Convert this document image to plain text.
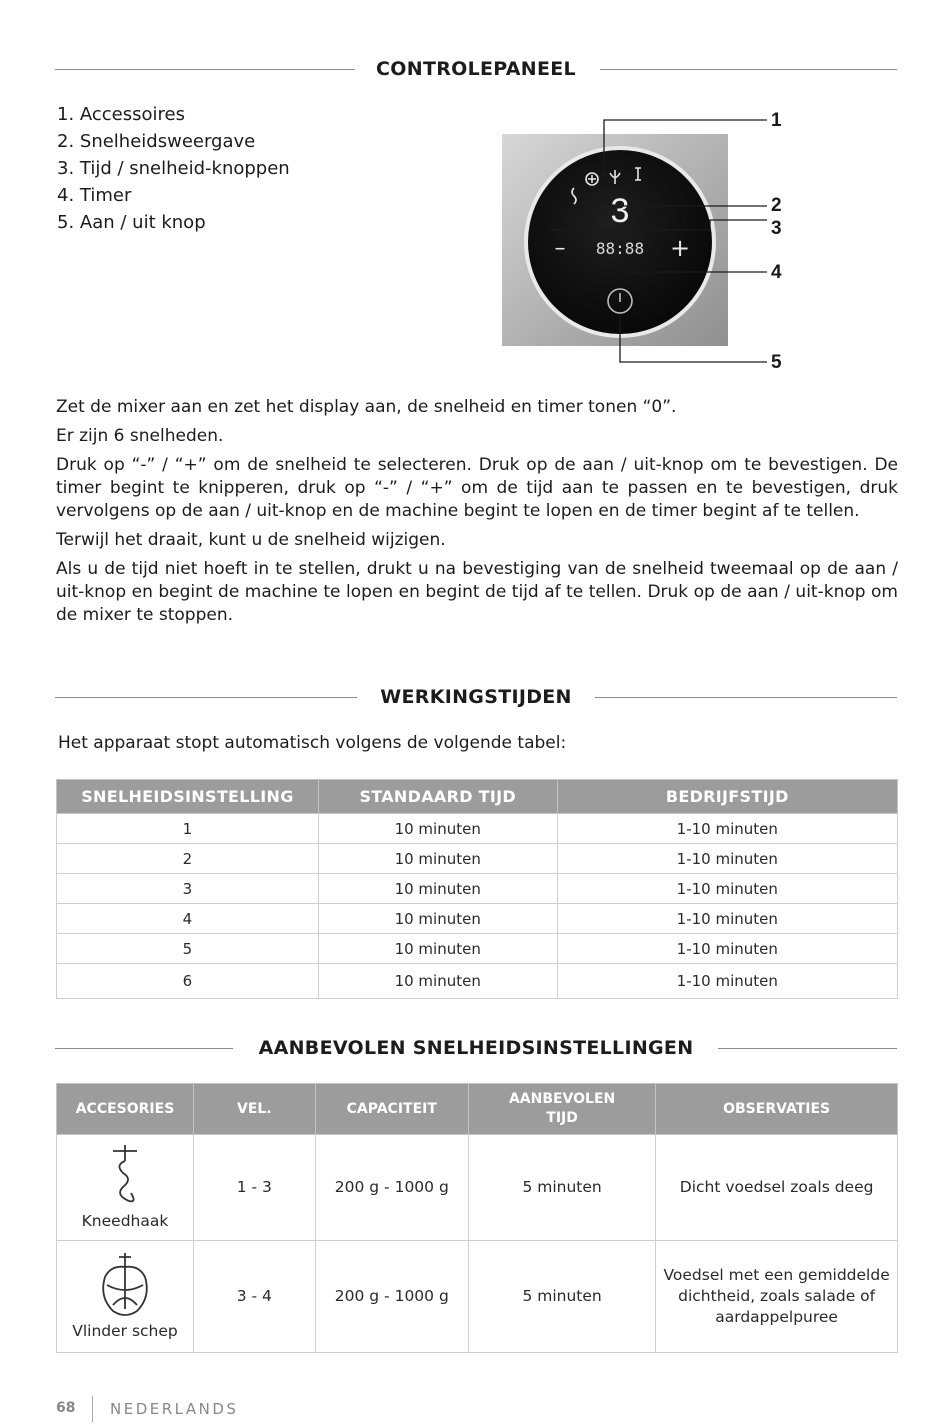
CONTROLEPANEEL
1. Accessoires
2. Snelheidsweergave
3. Tijd / snelheid-knoppen
4. Timer
5. Aan / uit knop	3
– 88:88 +
1
2
3
4
5

Zet de mixer aan en zet het display aan, de snelheid en timer tonen “0”.

Er zijn 6 snelheden.

Druk op “-” / “+” om de snelheid te selecteren. Druk op de aan / uit-knop om te bevestigen. De timer begint te knipperen, druk op “-” / “+” om de tijd aan te passen en te bevestigen, druk vervolgens op de aan / uit-knop en de machine begint te lopen en de timer begint af te tellen.

Terwijl het draait, kunt u de snelheid wijzigen.

Als u de tijd niet hoeft in te stellen, drukt u na bevestiging van de snelheid tweemaal op de aan / uit-knop en begint de machine te lopen en begint de tijd af te tellen. Druk op de aan / uit-knop om de mixer te stoppen.

WERKINGSTIJDEN
Het apparaat stopt automatisch volgens de volgende tabel:
SNELHEIDSINSTELLING	STANDAARD TIJD	BEDRIJFSTIJD
1	10 minuten	1-10 minuten
2	10 minuten	1-10 minuten
3	10 minuten	1-10 minuten
4	10 minuten	1-10 minuten
5	10 minuten	1-10 minuten
6	10 minuten	1-10 minuten
AANBEVOLEN SNELHEIDSINSTELLINGEN
ACCESORIES	VEL.	CAPACITEIT	AANBEVOLEN TIJD	OBSERVATIES

Kneedhaak	1 - 3	200 g - 1000 g	5 minuten	Dicht voedsel zoals deeg

Vlinder schep	3 - 4	200 g - 1000 g	5 minuten	Voedsel met een gemiddelde dichtheid, zoals salade of aardappelpuree
68 NEDERLANDS
